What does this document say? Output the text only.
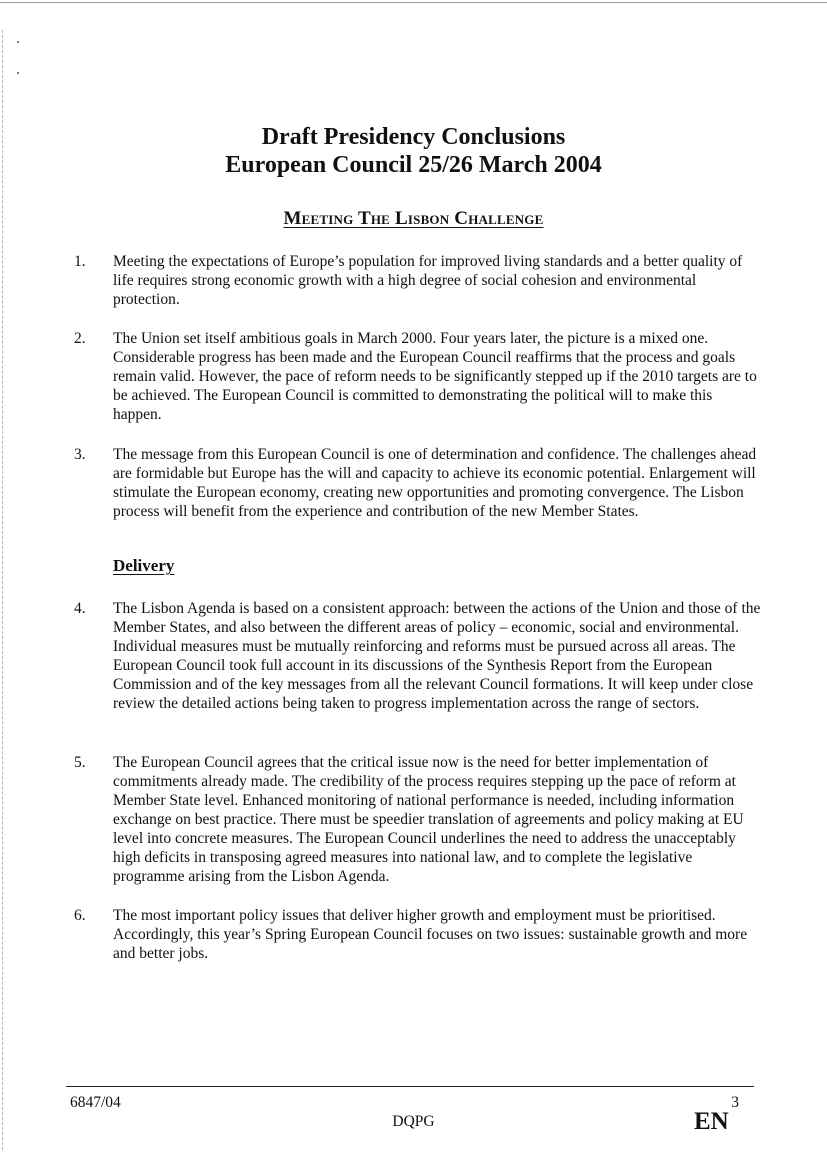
Draft Presidency Conclusions
European Council 25/26 March 2004
Meeting The Lisbon Challenge
1.	Meeting the expectations of Europe’s population for improved living standards and a better quality of life requires strong economic growth with a high degree of social cohesion and environmental protection.
2.	The Union set itself ambitious goals in March 2000. Four years later, the picture is a mixed one. Considerable progress has been made and the European Council reaffirms that the process and goals remain valid. However, the pace of reform needs to be significantly stepped up if the 2010 targets are to be achieved. The European Council is committed to demonstrating the political will to make this happen.
3.	The message from this European Council is one of determination and confidence. The challenges ahead are formidable but Europe has the will and capacity to achieve its economic potential. Enlargement will stimulate the European economy, creating new opportunities and promoting convergence. The Lisbon process will benefit from the experience and contribution of the new Member States.
Delivery
4.	The Lisbon Agenda is based on a consistent approach: between the actions of the Union and those of the Member States, and also between the different areas of policy – economic, social and environmental. Individual measures must be mutually reinforcing and reforms must be pursued across all areas. The European Council took full account in its discussions of the Synthesis Report from the European Commission and of the key messages from all the relevant Council formations. It will keep under close review the detailed actions being taken to progress implementation across the range of sectors.
5.	The European Council agrees that the critical issue now is the need for better implementation of commitments already made. The credibility of the process requires stepping up the pace of reform at Member State level. Enhanced monitoring of national performance is needed, including information exchange on best practice. There must be speedier translation of agreements and policy making at EU level into concrete measures. The European Council underlines the need to address the unacceptably high deficits in transposing agreed measures into national law, and to complete the legislative programme arising from the Lisbon Agenda.
6.	The most important policy issues that deliver higher growth and employment must be prioritised. Accordingly, this year’s Spring European Council focuses on two issues: sustainable growth and more and better jobs.
6847/04	3
DQPG	EN
